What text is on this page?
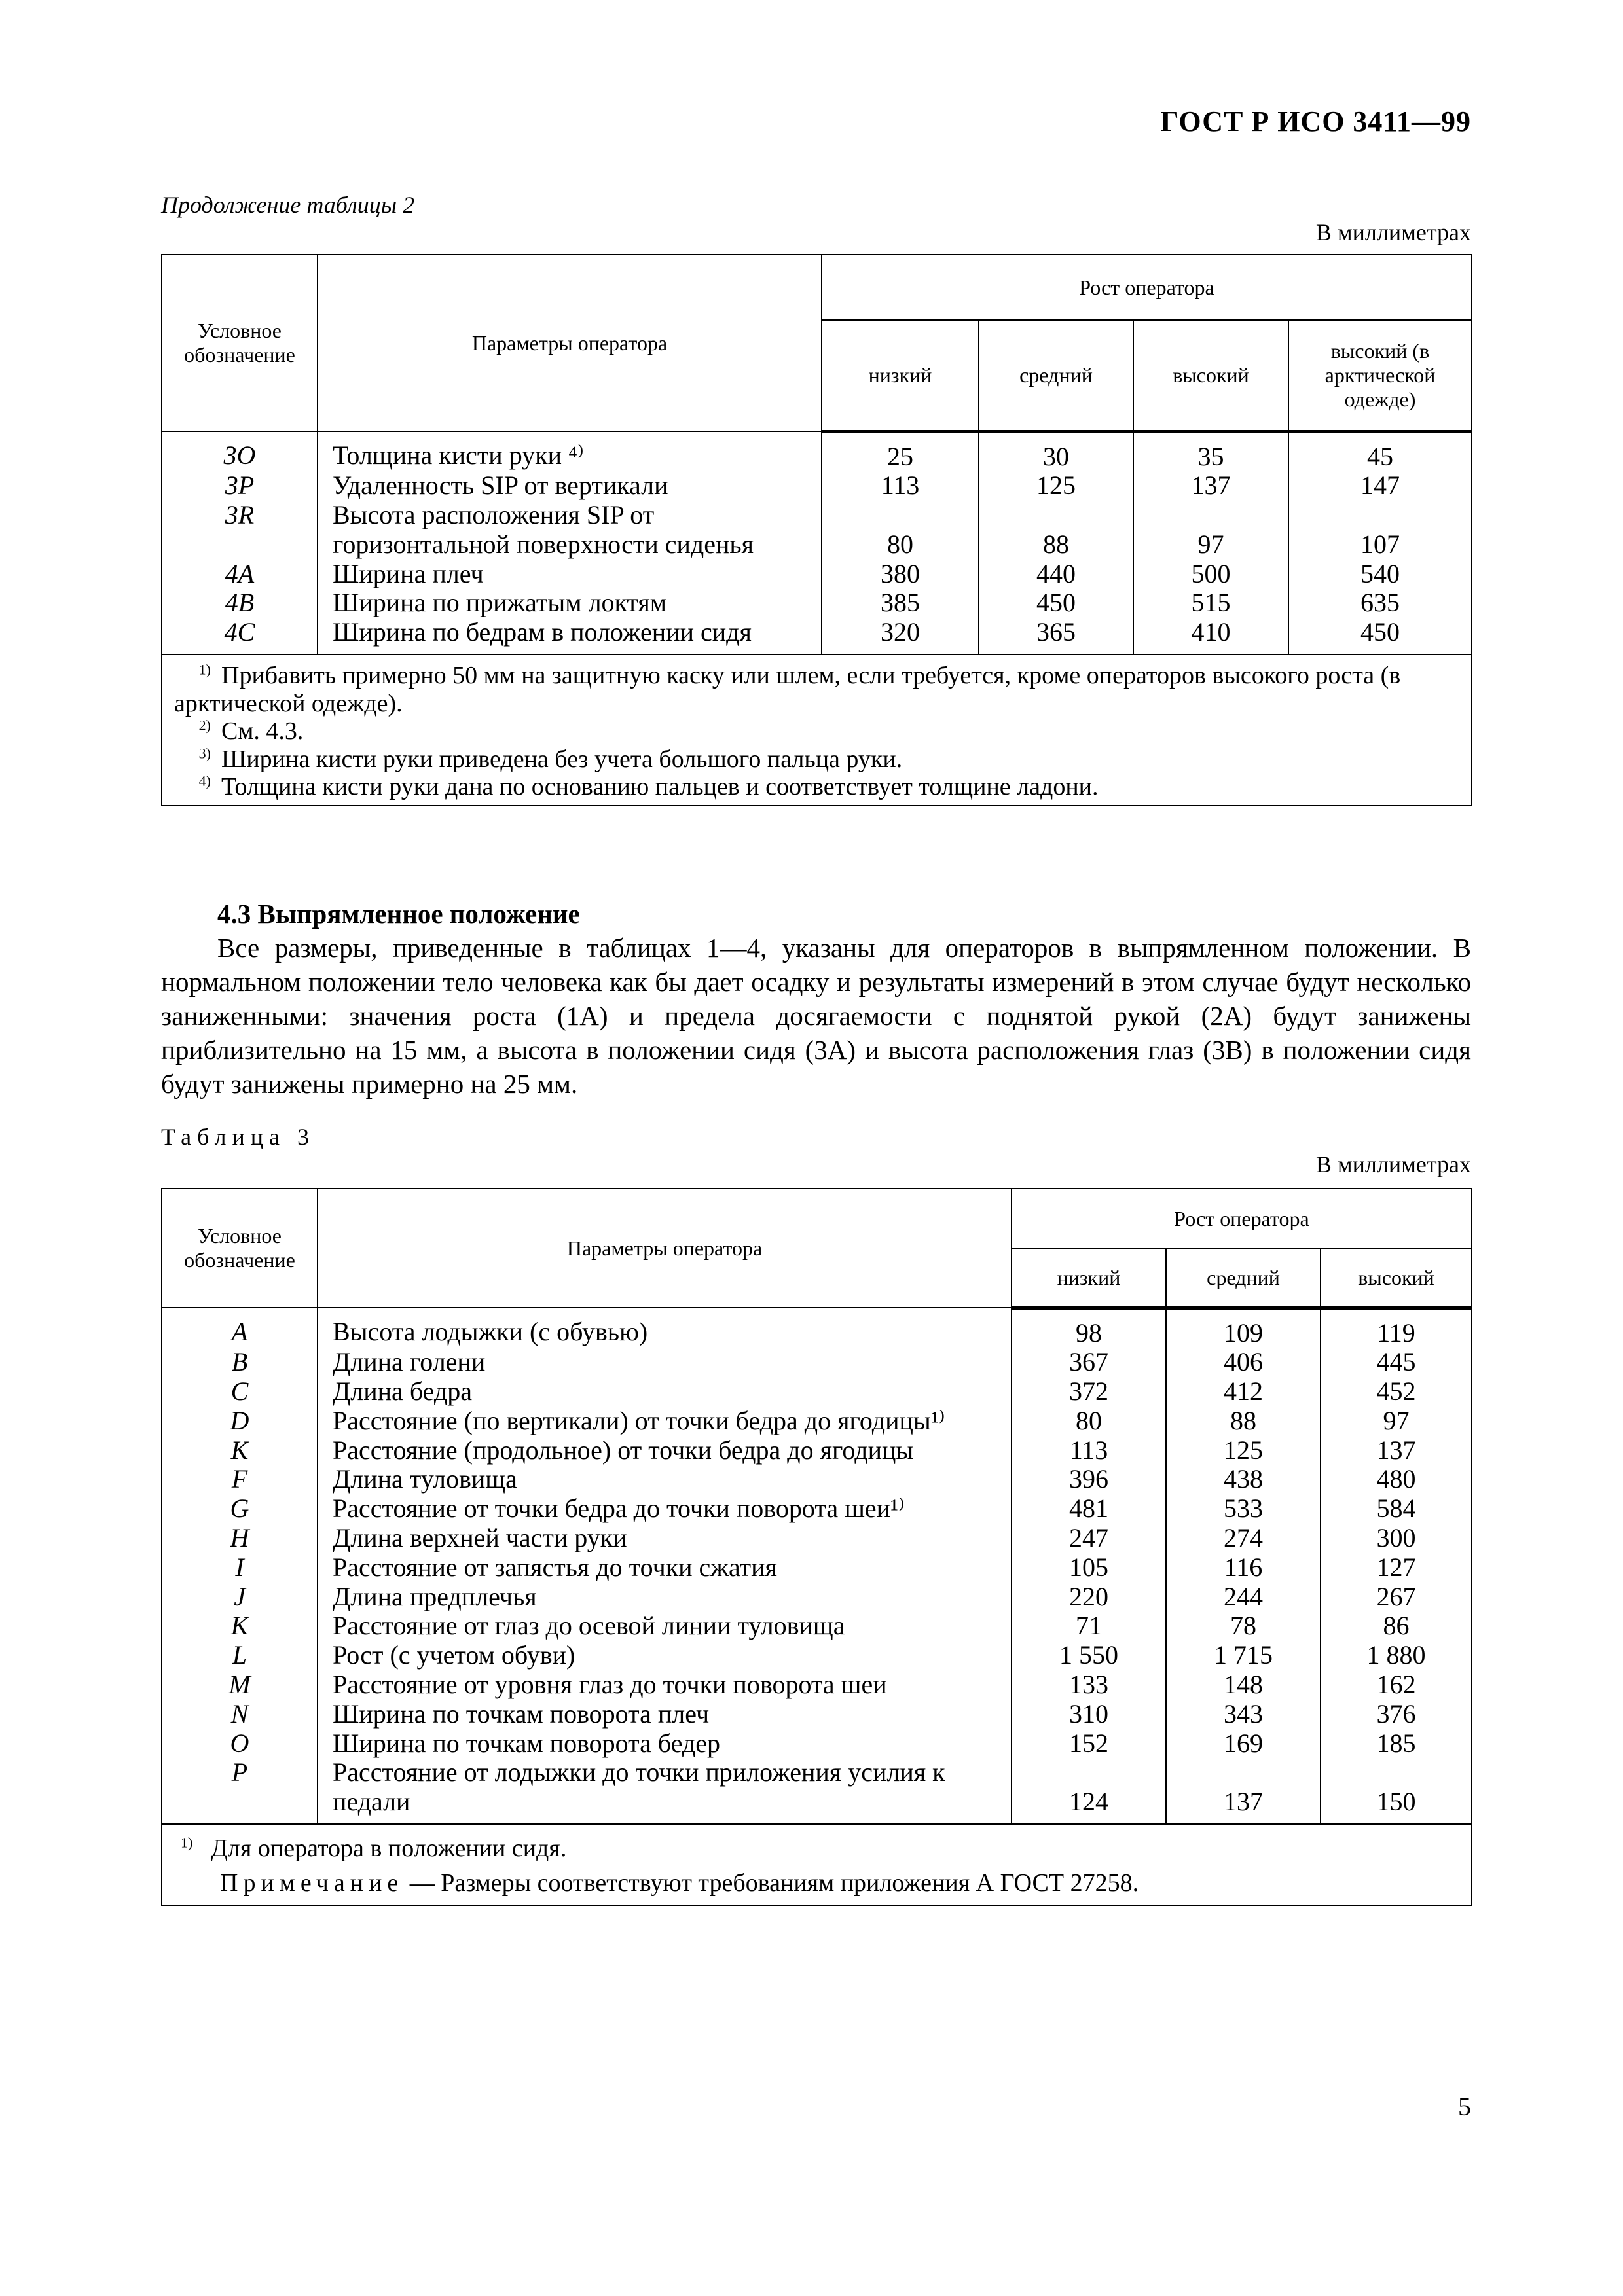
ГОСТ Р ИСО 3411—99
Продолжение таблицы 2
В миллиметрах
Условное обозначение	Параметры оператора	Рост оператора			
		низкий	средний	высокий	высокий (в арктической одежде)
3O	Толщина кисти руки ⁴⁾	25	30	35	45
3P	Удаленность SIP от вертикали	113	125	137	147
3R	Высота расположения SIP от горизонтальной поверхности сиденья	80	88	97	107
4A	Ширина плеч	380	440	500	540
4B	Ширина по прижатым локтям	385	450	515	635
4C	Ширина по бедрам в положении сидя	320	365	410	450

$^{1)}$ Прибавить примерно 50 мм на защитную каску или шлем, если требуется, кроме операторов высокого роста (в арктической одежде).
$^{2)}$ См. 4.3.
$^{3)}$ Ширина кисти руки приведена без учета большого пальца руки.
$^{4)}$ Толщина кисти руки дана по основанию пальцев и соответствует толщине ладони.					
4.3 Выпрямленное положение
Все размеры, приведенные в таблицах 1—4, указаны для операторов в выпрямленном положении. В нормальном положении тело человека как бы дает осадку и результаты измерений в этом случае будут несколько заниженными: значения роста (1A) и предела досягаемости с поднятой рукой (2A) будут занижены приблизительно на 15 мм, а высота в положении сидя (3A) и высота расположения глаз (3B) в положении сидя будут занижены примерно на 25 мм.
Таблица 3
В миллиметрах
Условное обозначение	Параметры оператора	Рост оператора		
		низкий	средний	высокий
A	Высота лодыжки (с обувью)	98	109	119
B	Длина голени	367	406	445
C	Длина бедра	372	412	452
D	Расстояние (по вертикали) от точки бедра до ягодицы¹⁾	80	88	97
K	Расстояние (продольное) от точки бедра до ягодицы	113	125	137
F	Длина туловища	396	438	480
G	Расстояние от точки бедра до точки поворота шеи¹⁾	481	533	584
H	Длина верхней части руки	247	274	300
I	Расстояние от запястья до точки сжатия	105	116	127
J	Длина предплечья	220	244	267
K	Расстояние от глаз до осевой линии туловища	71	78	86
L	Рост (с учетом обуви)	1 550	1 715	1 880
M	Расстояние от уровня глаз до точки поворота шеи	133	148	162
N	Ширина по точкам поворота плеч	310	343	376
O	Ширина по точкам поворота бедер	152	169	185
P	Расстояние от лодыжки до точки приложения усилия к педали	124	137	150

$^{1)}$ Для оператора в положении сидя.
Примечание — Размеры соответствуют требованиям приложения А ГОСТ 27258.				
5
